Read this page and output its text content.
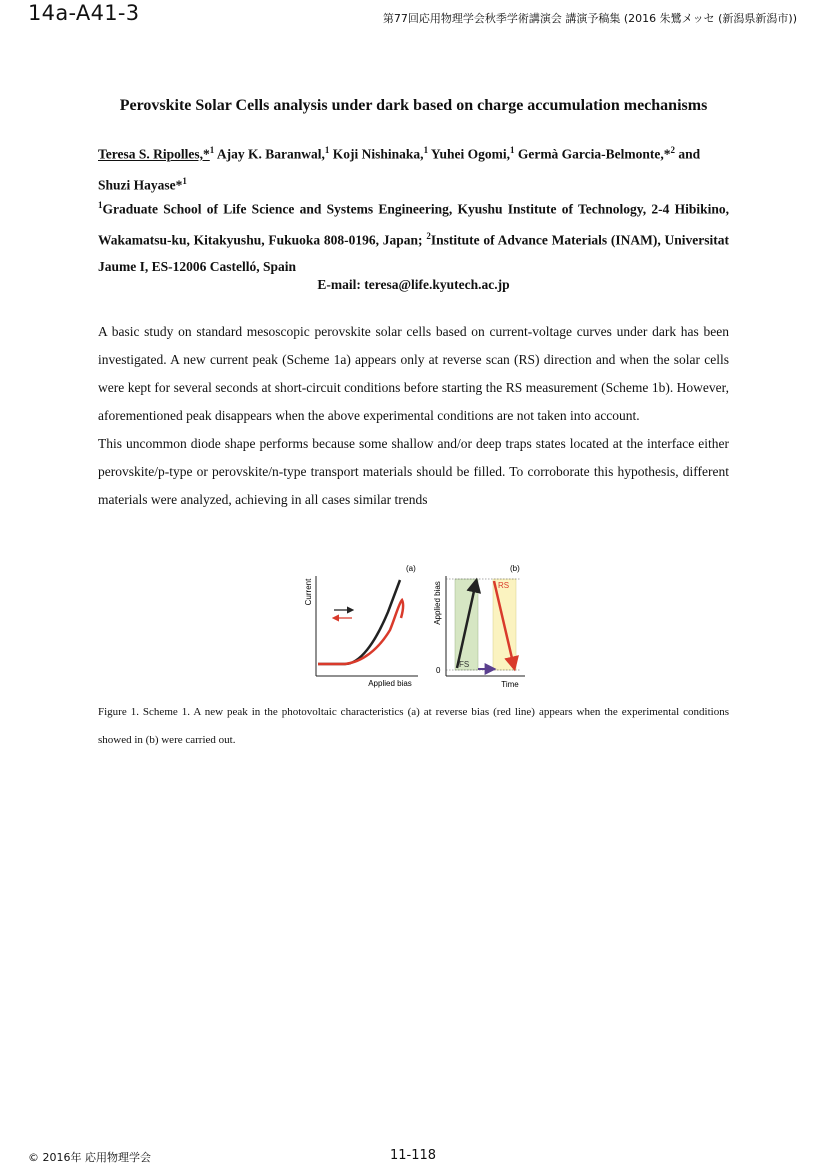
14a-A41-3	第77回応用物理学会秋季学術講演会 講演予稿集 (2016 朱鷺メッセ (新潟県新潟市))
Perovskite Solar Cells analysis under dark based on charge accumulation mechanisms
Teresa S. Ripolles,*$^1$ Ajay K. Baranwal,$^1$ Koji Nishinaka,$^1$ Yuhei Ogomi,$^1$ Germà Garcia-Belmonte,*$^2$ and Shuzi Hayase*$^1$
$^1$Graduate School of Life Science and Systems Engineering, Kyushu Institute of Technology, 2-4 Hibikino, Wakamatsu-ku, Kitakyushu, Fukuoka 808-0196, Japan; $^2$Institute of Advance Materials (INAM), Universitat Jaume I, ES-12006 Castelló, Spain
E-mail: teresa@life.kyutech.ac.jp

A basic study on standard mesoscopic perovskite solar cells based on current-voltage curves under dark has been investigated. A new current peak (Scheme 1a) appears only at reverse scan (RS) direction and when the solar cells were kept for several seconds at short-circuit conditions before starting the RS measurement (Scheme 1b). However, aforementioned peak disappears when the above experimental conditions are not taken into account.

This uncommon diode shape performs because some shallow and/or deep traps states located at the interface either perovskite/p-type or perovskite/n-type transport materials should be filled. To corroborate this hypothesis, different materials were analyzed, achieving in all cases similar trends

(a)
Current
Applied bias
(b)
Applied bias
Time
0
FS
RS
Figure 1. Scheme 1. A new peak in the photovoltaic characteristics (a) at reverse bias (red line) appears when the experimental conditions showed in (b) were carried out.
© 2016年 応用物理学会	11-118
